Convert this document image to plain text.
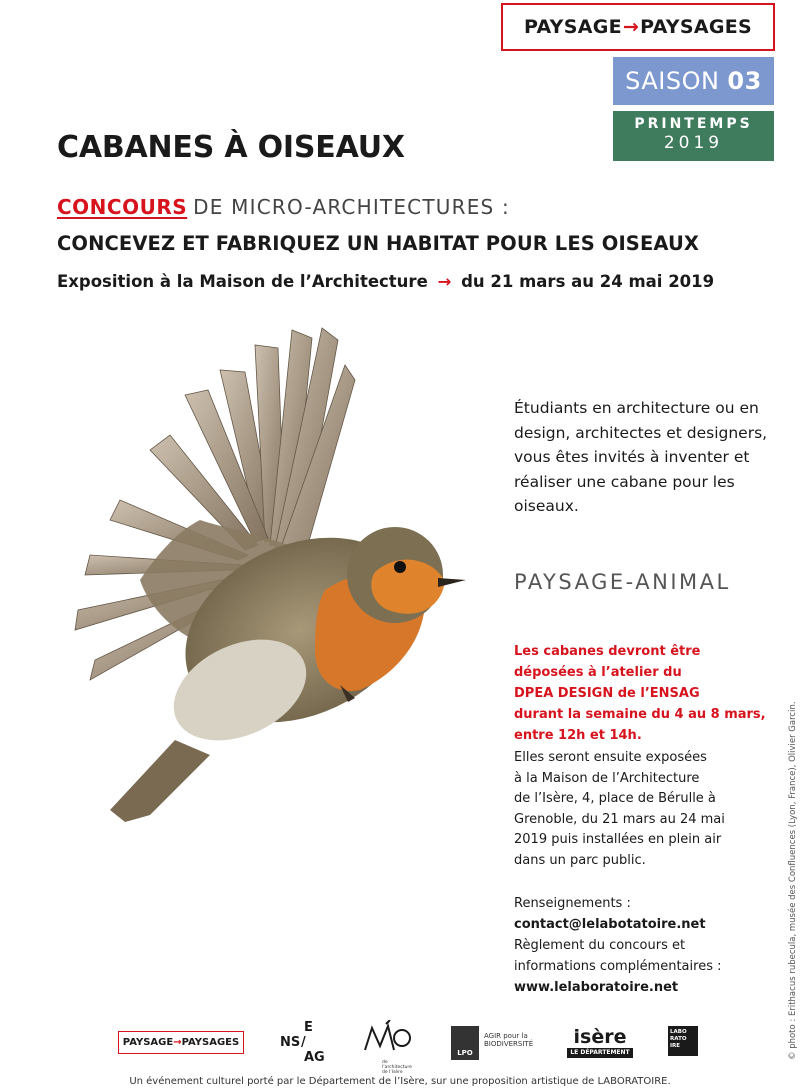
PAYSAGE → PAYSAGES
SAISON 03
PRINTEMPS
2019
CABANES À OISEAUX
CONCOURS DE MICRO-ARCHITECTURES :
CONCEVEZ ET FABRIQUEZ UN HABITAT POUR LES OISEAUX
Exposition à la Maison de l’Architecture → du 21 mars au 24 mai 2019

Étudiants en architecture ou en design, architectes et designers, vous êtes invités à inventer et réaliser une cabane pour les oiseaux.

PAYSAGE-ANIMAL
Les cabanes devront être
déposées à l’atelier du
DPEA DESIGN de l’ENSAG
durant la semaine du 4 au 8 mars,
entre 12h et 14h.
Elles seront ensuite exposées
à la Maison de l’Architecture
de l’Isère, 4, place de Bérulle à
Grenoble, du 21 mars au 24 mai
2019 puis installées en plein air
dans un parc public.
Renseignements :
contact@lelabotatoire.net
Règlement du concours et
informations complémentaires :
www.lelaboratoire.net	© photo : Erithacus rubecula, musée des Confluences (Lyon, France), Olivier Garcin.
PAYSAGE → PAYSAGES
E
NS /
AG	de l’architecture de l’Isère
LPO
AGIR pour la BIODIVERSITÉ	isère
LE DÉPARTEMENT
LABO RATO IRE
Un événement culturel porté par le Département de l’Isère, sur une proposition artistique de LABORATOIRE.
